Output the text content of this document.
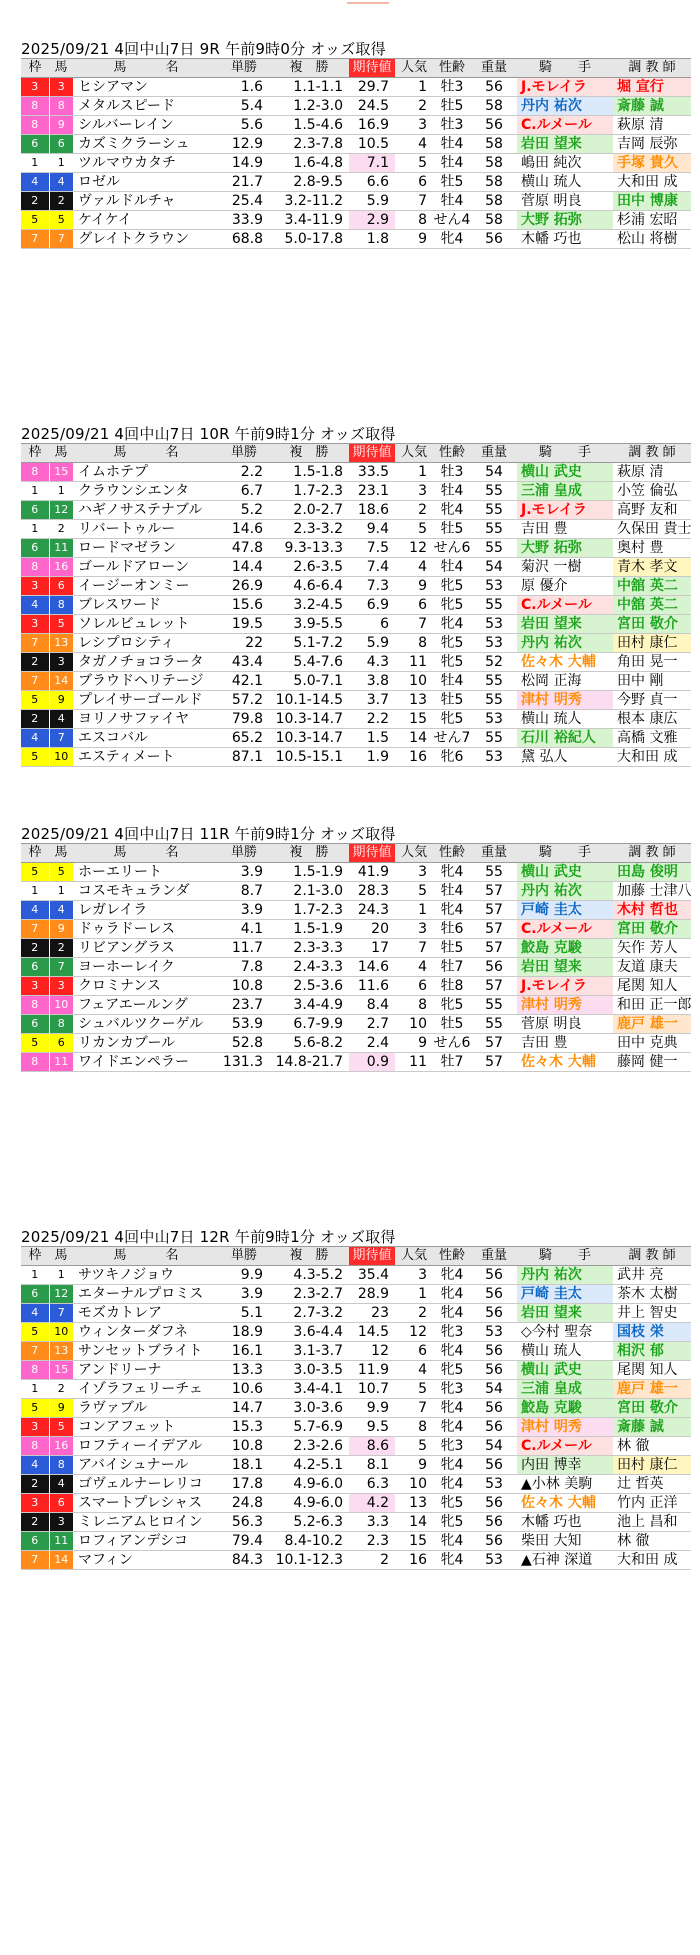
2025/09/21 4回中山7日 9R 午前9時0分 オッズ取得
枠	馬	馬　　　名	単勝	複　勝	期待値	人気	性齢	重量	騎　　手	調 教 師
3	3	ヒシアマン	1.6	1.1-1.1	29.7	1	牡3	56	J.モレイラ	堀 宣行
8	8	メタルスピード	5.4	1.2-3.0	24.5	2	牡5	58	丹内 祐次	斎藤 誠
8	9	シルバーレイン	5.6	1.5-4.6	16.9	3	牡3	56	C.ルメール	萩原 清
6	6	カズミクラーシュ	12.9	2.3-7.8	10.5	4	牡4	58	岩田 望来	吉岡 辰弥
1	1	ツルマウカタチ	14.9	1.6-4.8	7.1	5	牡4	58	嶋田 純次	手塚 貴久
4	4	ロゼル	21.7	2.8-9.5	6.6	6	牡5	58	横山 琉人	大和田 成
2	2	ヴァルドルチャ	25.4	3.2-11.2	5.9	7	牡4	58	菅原 明良	田中 博康
5	5	ケイケイ	33.9	3.4-11.9	2.9	8	せん4	58	大野 拓弥	杉浦 宏昭
7	7	グレイトクラウン	68.8	5.0-17.8	1.8	9	牝4	56	木幡 巧也	松山 将樹
2025/09/21 4回中山7日 10R 午前9時1分 オッズ取得
枠	馬	馬　　　名	単勝	複　勝	期待値	人気	性齢	重量	騎　　手	調 教 師
8	15	イムホテプ	2.2	1.5-1.8	33.5	1	牡3	54	横山 武史	萩原 清
1	1	クラウンシエンタ	6.7	1.7-2.3	23.1	3	牡4	55	三浦 皇成	小笠 倫弘
6	12	ハギノサステナブル	5.2	2.0-2.7	18.6	2	牝4	55	J.モレイラ	高野 友和
1	2	リバートゥルー	14.6	2.3-3.2	9.4	5	牡5	55	吉田 豊	久保田 貴士
6	11	ロードマゼラン	47.8	9.3-13.3	7.5	12	せん6	55	大野 拓弥	奥村 豊
8	16	ゴールドアローン	14.4	2.6-3.5	7.4	4	牡4	54	菊沢 一樹	青木 孝文
3	6	イージーオンミー	26.9	4.6-6.4	7.3	9	牝5	53	原 優介	中舘 英二
4	8	ブレスワード	15.6	3.2-4.5	6.9	6	牝5	55	C.ルメール	中舘 英二
3	5	ソレルビュレット	19.5	3.9-5.5	6	7	牝4	53	岩田 望来	宮田 敬介
7	13	レシプロシティ	22	5.1-7.2	5.9	8	牝5	53	丹内 祐次	田村 康仁
2	3	タガノチョコラータ	43.4	5.4-7.6	4.3	11	牝5	52	佐々木 大輔	角田 晃一
7	14	ブラウドヘリテージ	42.1	5.0-7.1	3.8	10	牡4	55	松岡 正海	田中 剛
5	9	プレイサーゴールド	57.2	10.1-14.5	3.7	13	牡5	55	津村 明秀	今野 貞一
2	4	ヨリノサファイヤ	79.8	10.3-14.7	2.2	15	牝5	53	横山 琉人	根本 康広
4	7	エスコバル	65.2	10.3-14.7	1.5	14	せん7	55	石川 裕紀人	高橋 文雅
5	10	エスティメート	87.1	10.5-15.1	1.9	16	牝6	53	黛 弘人	大和田 成
2025/09/21 4回中山7日 11R 午前9時1分 オッズ取得
枠	馬	馬　　　名	単勝	複　勝	期待値	人気	性齢	重量	騎　　手	調 教 師
5	5	ホーエリート	3.9	1.5-1.9	41.9	3	牝4	55	横山 武史	田島 俊明
1	1	コスモキュランダ	8.7	2.1-3.0	28.3	5	牡4	57	丹内 祐次	加藤 士津八
4	4	レガレイラ	3.9	1.7-2.3	24.3	1	牝4	57	戸崎 圭太	木村 哲也
7	9	ドゥラドーレス	4.1	1.5-1.9	20	3	牡6	57	C.ルメール	宮田 敬介
2	2	リビアングラス	11.7	2.3-3.3	17	7	牡5	57	鮫島 克駿	矢作 芳人
6	7	ヨーホーレイク	7.8	2.4-3.3	14.6	4	牡7	56	岩田 望来	友道 康夫
3	3	クロミナンス	10.8	2.5-3.6	11.6	6	牡8	57	J.モレイラ	尾関 知人
8	10	フェアエールング	23.7	3.4-4.9	8.4	8	牝5	55	津村 明秀	和田 正一郎
6	8	シュバルツクーゲル	53.9	6.7-9.9	2.7	10	牡5	55	菅原 明良	鹿戸 雄一
5	6	リカンカブール	52.8	5.6-8.2	2.4	9	せん6	57	吉田 豊	田中 克典
8	11	ワイドエンペラー	131.3	14.8-21.7	0.9	11	牡7	57	佐々木 大輔	藤岡 健一
2025/09/21 4回中山7日 12R 午前9時1分 オッズ取得
枠	馬	馬　　　名	単勝	複　勝	期待値	人気	性齢	重量	騎　　手	調 教 師
1	1	サツキノジョウ	9.9	4.3-5.2	35.4	3	牝4	56	丹内 祐次	武井 亮
6	12	エターナルプロミス	3.9	2.3-2.7	28.9	1	牝4	56	戸崎 圭太	茶木 太樹
4	7	モズカトレア	5.1	2.7-3.2	23	2	牝4	56	岩田 望来	井上 智史
5	10	ウィンターダフネ	18.9	3.6-4.4	14.5	12	牝3	53	◇今村 聖奈	国枝 栄
7	13	サンセットブライト	16.1	3.1-3.7	12	6	牝4	56	横山 琉人	相沢 郁
8	15	アンドリーナ	13.3	3.0-3.5	11.9	4	牝5	56	横山 武史	尾関 知人
1	2	イゾラフェリーチェ	10.6	3.4-4.1	10.7	5	牝3	54	三浦 皇成	鹿戸 雄一
5	9	ラヴァブル	14.7	3.0-3.6	9.9	7	牝4	56	鮫島 克駿	宮田 敬介
3	5	コンアフェット	15.3	5.7-6.9	9.5	8	牝4	56	津村 明秀	斎藤 誠
8	16	ロフティーイデアル	10.8	2.3-2.6	8.6	5	牝3	54	C.ルメール	林 徹
4	8	アバイシュナール	18.1	4.2-5.1	8.1	9	牝4	56	内田 博幸	田村 康仁
2	4	ゴヴェルナーレリコ	17.8	4.9-6.0	6.3	10	牝4	53	▲小林 美駒	辻 哲英
3	6	スマートプレシャス	24.8	4.9-6.0	4.2	13	牝5	56	佐々木 大輔	竹内 正洋
2	3	ミレニアムヒロイン	56.3	5.2-6.3	3.3	14	牝5	56	木幡 巧也	池上 昌和
6	11	ロフィアンデシコ	79.4	8.4-10.2	2.3	15	牝4	56	柴田 大知	林 徹
7	14	マフィン	84.3	10.1-12.3	2	16	牝4	53	▲石神 深道	大和田 成
